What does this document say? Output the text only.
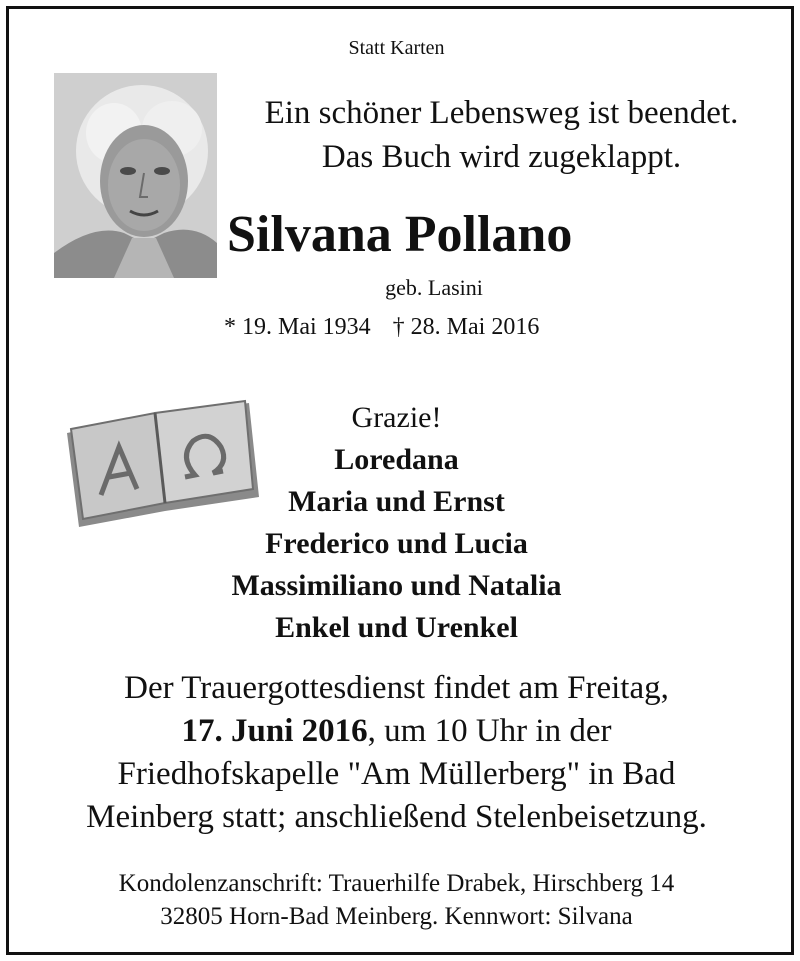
Statt Karten
Ein schöner Lebensweg ist beendet.
Das Buch wird zugeklappt.
Silvana Pollano
geb. Lasini
* 19. Mai 1934 † 28. Mai 2016
Grazie!
Loredana
Maria und Ernst
Frederico und Lucia
Massimiliano und Natalia
Enkel und Urenkel
Der Trauergottesdienst findet am Freitag,
17. Juni 2016, um 10 Uhr in der
Friedhofskapelle "Am Müllerberg" in Bad
Meinberg statt; anschließend Stelenbeisetzung.
Kondolenzanschrift: Trauerhilfe Drabek, Hirschberg 14
32805 Horn-Bad Meinberg. Kennwort: Silvana
